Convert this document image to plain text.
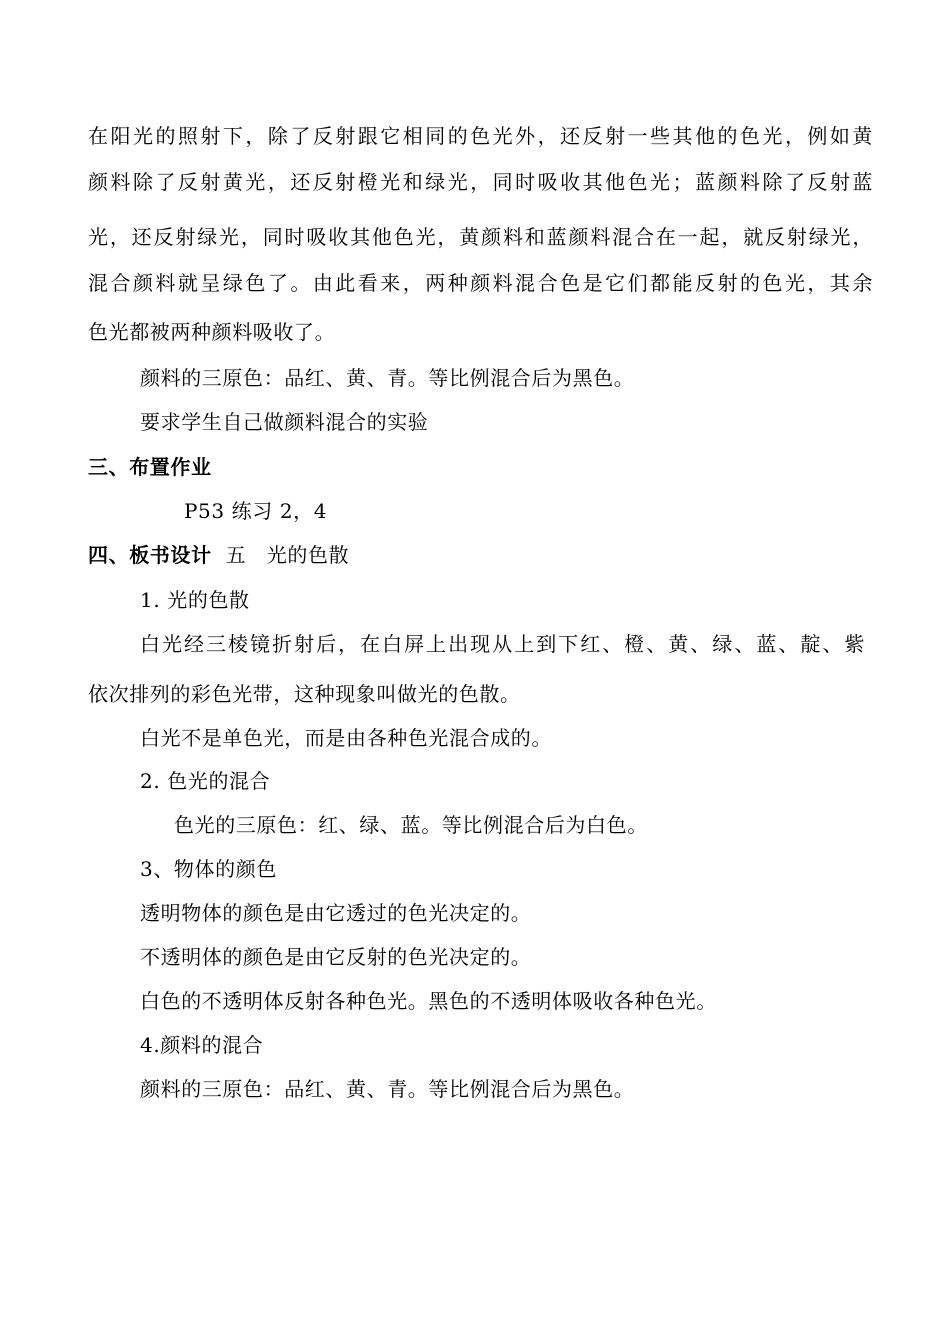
在阳光的照射下，除了反射跟它相同的色光外，还反射一些其他的色光，例如黄
颜料除了反射黄光，还反射橙光和绿光，同时吸收其他色光；蓝颜料除了反射蓝
光，还反射绿光，同时吸收其他色光，黄颜料和蓝颜料混合在一起，就反射绿光，
混合颜料就呈绿色了。由此看来，两种颜料混合色是它们都能反射的色光，其余
色光都被两种颜料吸收了。
颜料的三原色：品红、黄、青。等比例混合后为黑色。
要求学生自己做颜料混合的实验
三、布置作业
P53 练习 2，4
四、板书设计 五　光的色散
1. 光的色散
白光经三棱镜折射后，在白屏上出现从上到下红、橙、黄、绿、蓝、靛、紫
依次排列的彩色光带，这种现象叫做光的色散。
白光不是单色光，而是由各种色光混合成的。
2. 色光的混合
色光的三原色：红、绿、蓝。等比例混合后为白色。
3、物体的颜色
透明物体的颜色是由它透过的色光决定的。
不透明体的颜色是由它反射的色光决定的。
白色的不透明体反射各种色光。黑色的不透明体吸收各种色光。
4.颜料的混合
颜料的三原色：品红、黄、青。等比例混合后为黑色。
